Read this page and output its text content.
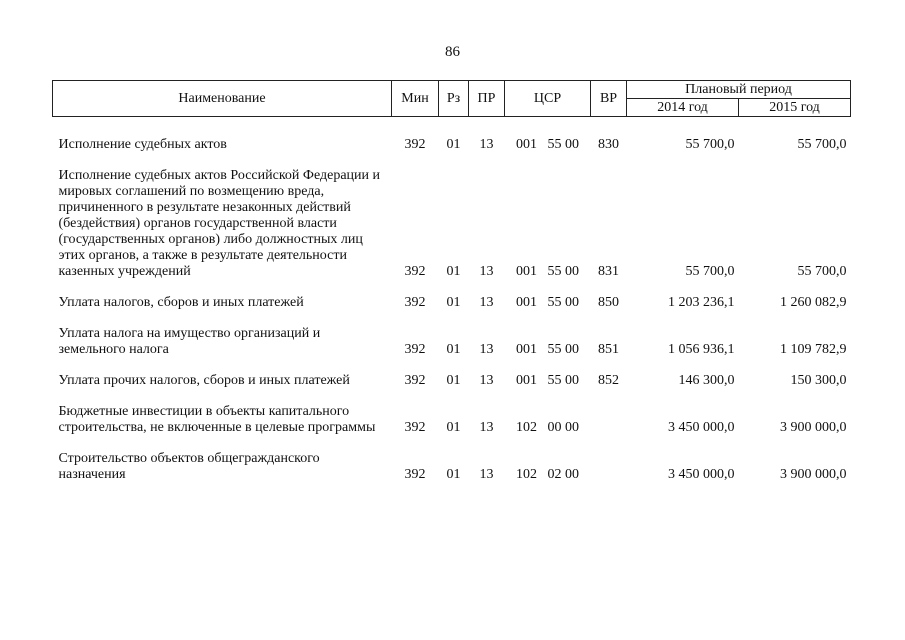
86
Наименование	Мин	Рз	ПР	ЦСР	ВР	Плановый период	
						2014 год	2015 год

Исполнение судебных актов	392	01	13	001 55 00	830	55 700,0	55 700,0

Исполнение судебных актов Российской Федерации и мировых соглашений по возмещению вреда, причиненного в результате незаконных действий (бездействия) органов государственной власти (государственных органов) либо должностных лиц этих органов, а также в результате деятельности казенных учреждений	392	01	13	001 55 00	831	55 700,0	55 700,0

Уплата налогов, сборов и иных платежей	392	01	13	001 55 00	850	1 203 236,1	1 260 082,9

Уплата налога на имущество организаций и земельного налога	392	01	13	001 55 00	851	1 056 936,1	1 109 782,9

Уплата прочих налогов, сборов и иных платежей	392	01	13	001 55 00	852	146 300,0	150 300,0

Бюджетные инвестиции в объекты капитального строительства, не включенные в целевые программы	392	01	13	102 00 00		3 450 000,0	3 900 000,0

Строительство объектов общегражданского назначения	392	01	13	102 02 00		3 450 000,0	3 900 000,0
